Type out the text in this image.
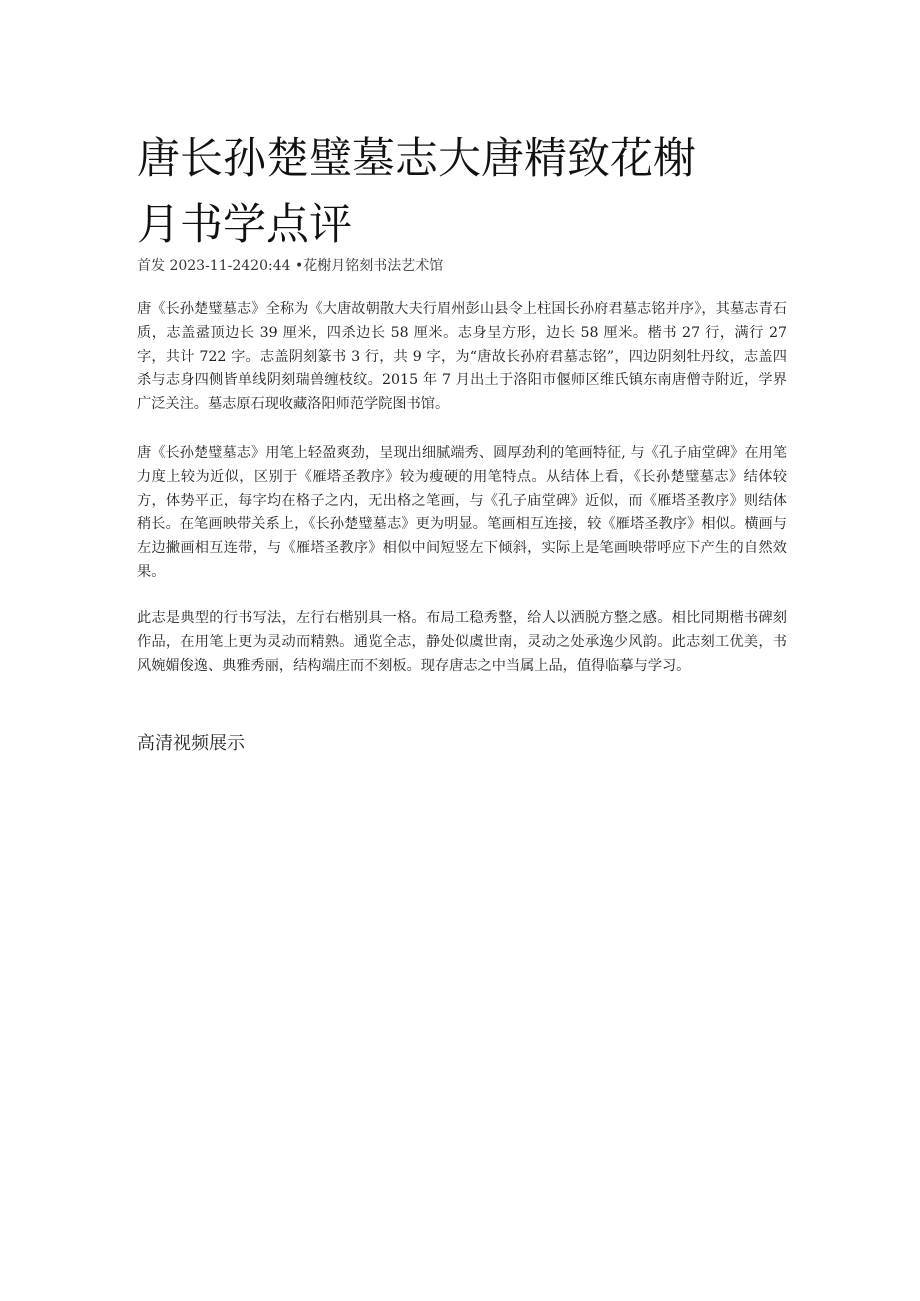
唐长孙楚璧墓志大唐精致花榭
月书学点评
首发 2023-11-2420:44 •花榭月铭刻书法艺术馆

唐《长孙楚璧墓志》全称为《大唐故朝散大夫行眉州彭山县令上柱国长孙府君墓志铭并序》，其墓志青石质，志盖盝顶边长 39 厘米，四杀边长 58 厘米。志身呈方形，边长 58 厘米。楷书 27 行，满行 27 字，共计 722 字。志盖阴刻篆书 3 行，共 9 字，为“唐故长孙府君墓志铭”，四边阴刻牡丹纹，志盖四杀与志身四侧皆单线阴刻瑞兽缠枝纹。2015 年 7 月出土于洛阳市偃师区维氏镇东南唐僧寺附近，学界广泛关注。墓志原石现收藏洛阳师范学院图书馆。

唐《长孙楚璧墓志》用笔上轻盈爽劲，呈现出细腻端秀、圆厚劲利的笔画特征, 与《孔子庙堂碑》在用笔力度上较为近似，区别于《雁塔圣教序》较为瘦硬的用笔特点。从结体上看，《长孙楚璧墓志》结体较方，体势平正，每字均在格子之内，无出格之笔画，与《孔子庙堂碑》近似，而《雁塔圣教序》则结体稍长。在笔画映带关系上，《长孙楚璧墓志》更为明显。笔画相互连接，较《雁塔圣教序》相似。横画与左边撇画相互连带，与《雁塔圣教序》相似中间短竖左下倾斜，实际上是笔画映带呼应下产生的自然效果。

此志是典型的行书写法，左行右楷别具一格。布局工稳秀整，给人以洒脱方整之感。相比同期楷书碑刻作品，在用笔上更为灵动而精熟。通览全志，静处似虞世南，灵动之处承逸少风韵。此志刻工优美，书风婉媚俊逸、典雅秀丽，结构端庄而不刻板。现存唐志之中当属上品，值得临摹与学习。

高清视频展示
